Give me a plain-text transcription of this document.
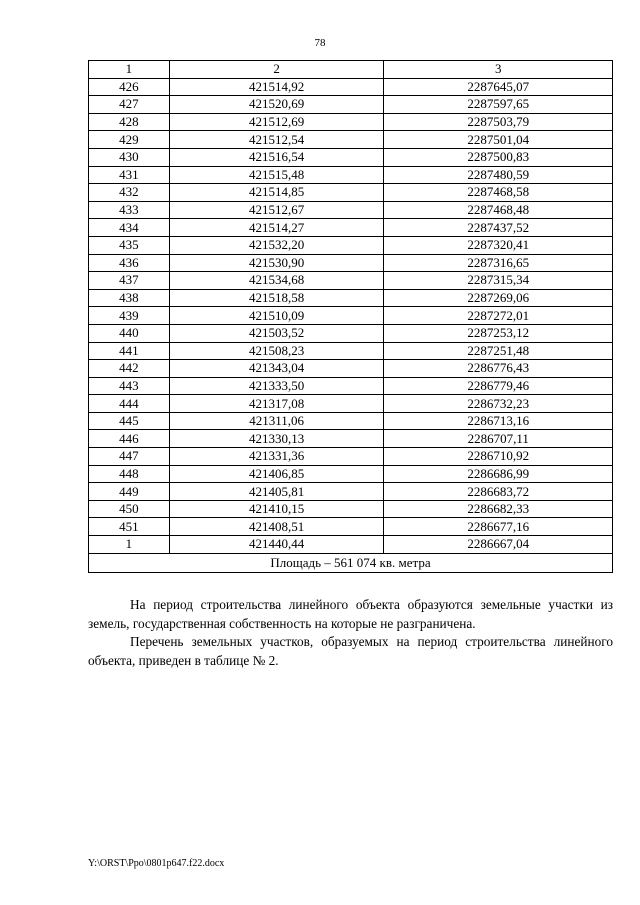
78
1	2	3
426	421514,92	2287645,07
427	421520,69	2287597,65
428	421512,69	2287503,79
429	421512,54	2287501,04
430	421516,54	2287500,83
431	421515,48	2287480,59
432	421514,85	2287468,58
433	421512,67	2287468,48
434	421514,27	2287437,52
435	421532,20	2287320,41
436	421530,90	2287316,65
437	421534,68	2287315,34
438	421518,58	2287269,06
439	421510,09	2287272,01
440	421503,52	2287253,12
441	421508,23	2287251,48
442	421343,04	2286776,43
443	421333,50	2286779,46
444	421317,08	2286732,23
445	421311,06	2286713,16
446	421330,13	2286707,11
447	421331,36	2286710,92
448	421406,85	2286686,99
449	421405,81	2286683,72
450	421410,15	2286682,33
451	421408,51	2286677,16
1	421440,44	2286667,04
Площадь – 561 074 кв. метра		

На период строительства линейного объекта образуются земельные участки из земель, государственная собственность на которые не разграничена.

Перечень земельных участков, образуемых на период строительства линейного объекта, приведен в таблице № 2.

Y:\ORST\Ppo\0801p647.f22.docx
